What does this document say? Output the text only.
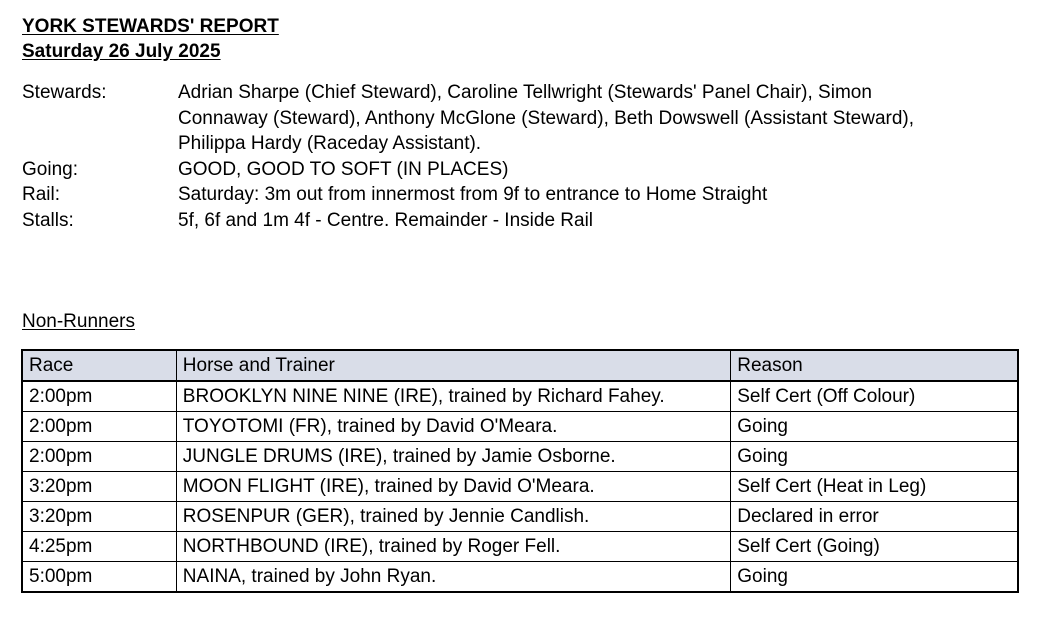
YORK STEWARDS' REPORT
Saturday 26 July 2025
Stewards:	Adrian Sharpe (Chief Steward), Caroline Tellwright (Stewards' Panel Chair), Simon
Connaway (Steward), Anthony McGlone (Steward), Beth Dowswell (Assistant Steward),
Philippa Hardy (Raceday Assistant).
Going:	GOOD, GOOD TO SOFT (IN PLACES)
Rail:	Saturday: 3m out from innermost from 9f to entrance to Home Straight
Stalls:	5f, 6f and 1m 4f - Centre. Remainder - Inside Rail
Non-Runners
Race	Horse and Trainer	Reason
2:00pm	BROOKLYN NINE NINE (IRE), trained by Richard Fahey.	Self Cert (Off Colour)
2:00pm	TOYOTOMI (FR), trained by David O'Meara.	Going
2:00pm	JUNGLE DRUMS (IRE), trained by Jamie Osborne.	Going
3:20pm	MOON FLIGHT (IRE), trained by David O'Meara.	Self Cert (Heat in Leg)
3:20pm	ROSENPUR (GER), trained by Jennie Candlish.	Declared in error
4:25pm	NORTHBOUND (IRE), trained by Roger Fell.	Self Cert (Going)
5:00pm	NAINA, trained by John Ryan.	Going
